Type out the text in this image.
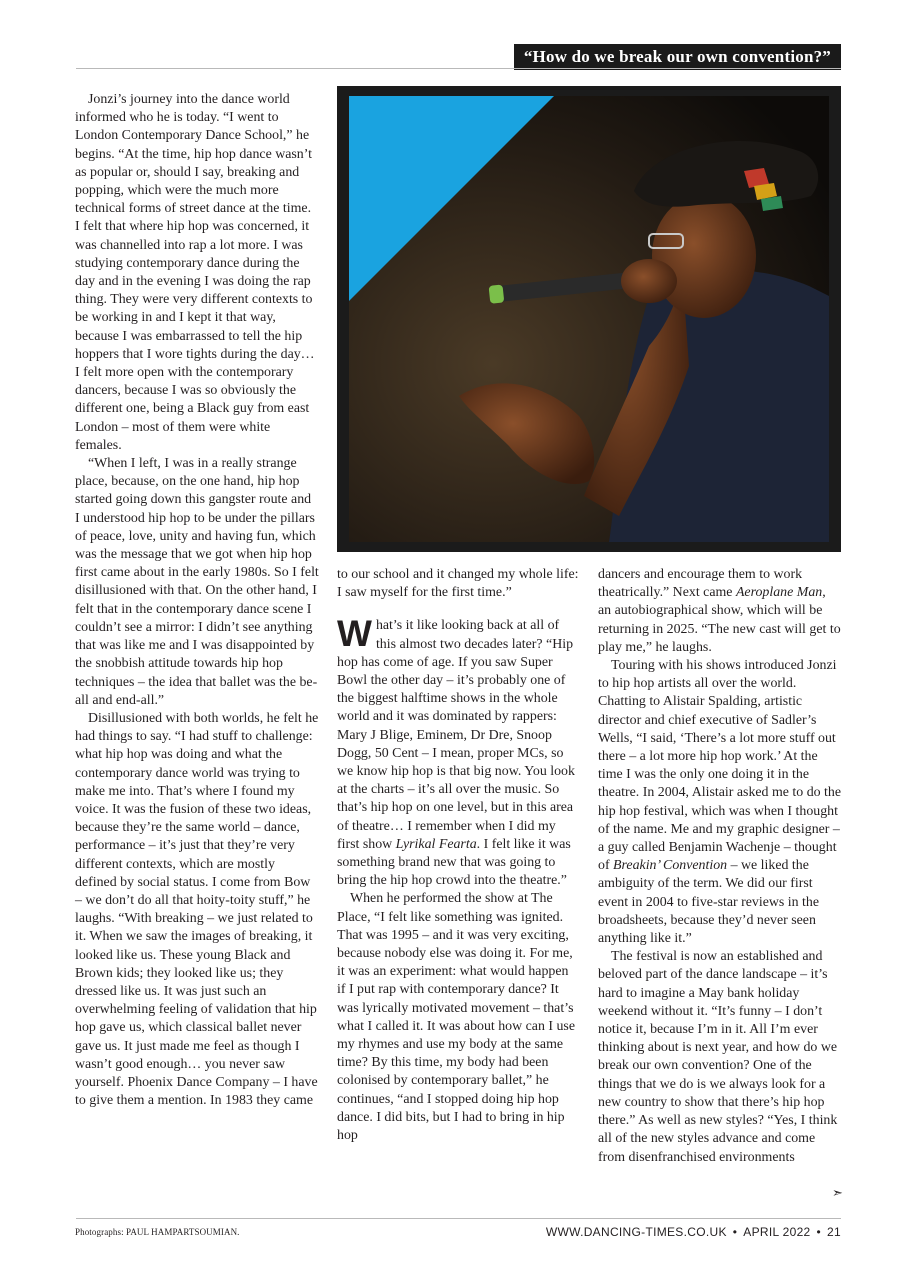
“How do we break our own convention?”

Jonzi’s journey into the dance world informed who he is today. “I went to London Contemporary Dance School,” he begins. “At the time, hip hop dance wasn’t as popular or, should I say, breaking and popping, which were the much more technical forms of street dance at the time. I felt that where hip hop was concerned, it was channelled into rap a lot more. I was studying contemporary dance during the day and in the evening I was doing the rap thing. They were very different contexts to be working in and I kept it that way, because I was embarrassed to tell the hip hoppers that I wore tights during the day… I felt more open with the contemporary dancers, because I was so obviously the different one, being a Black guy from east London – most of them were white females.

“When I left, I was in a really strange place, because, on the one hand, hip hop started going down this gangster route and I understood hip hop to be under the pillars of peace, love, unity and having fun, which was the message that we got when hip hop first came about in the early 1980s. So I felt disillusioned with that. On the other hand, I felt that in the contemporary dance scene I couldn’t see a mirror: I didn’t see anything that was like me and I was disappointed by the snobbish attitude towards hip hop techniques – the idea that ballet was the be-all and end-all.”

Disillusioned with both worlds, he felt he had things to say. “I had stuff to challenge: what hip hop was doing and what the contemporary dance world was trying to make me into. That’s where I found my voice. It was the fusion of these two ideas, because they’re the same world – dance, performance – it’s just that they’re very different contexts, which are mostly defined by social status. I come from Bow – we don’t do all that hoity-toity stuff,” he laughs. “With breaking – we just related to it. When we saw the images of breaking, it looked like us. These young Black and Brown kids; they looked like us; they dressed like us. It was just such an overwhelming feeling of validation that hip hop gave us, which classical ballet never gave us. It just made me feel as though I wasn’t good enough… you never saw yourself. Phoenix Dance Company – I have to give them a mention. In 1983 they came

to our school and it changed my whole life: I saw myself for the first time.”

What’s it like looking back at all of this almost two decades later? “Hip hop has come of age. If you saw Super Bowl the other day – it’s probably one of the biggest halftime shows in the whole world and it was dominated by rappers: Mary J Blige, Eminem, Dr Dre, Snoop Dogg, 50 Cent – I mean, proper MCs, so we know hip hop is that big now. You look at the charts – it’s all over the music. So that’s hip hop on one level, but in this area of theatre… I remember when I did my first show Lyrikal Fearta. I felt like it was something brand new that was going to bring the hip hop crowd into the theatre.”

When he performed the show at The Place, “I felt like something was ignited. That was 1995 – and it was very exciting, because nobody else was doing it. For me, it was an experiment: what would happen if I put rap with contemporary dance? It was lyrically motivated movement – that’s what I called it. It was about how can I use my rhymes and use my body at the same time? By this time, my body had been colonised by contemporary ballet,” he continues, “and I stopped doing hip hop dance. I did bits, but I had to bring in hip hop

dancers and encourage them to work theatrically.” Next came Aeroplane Man, an autobiographical show, which will be returning in 2025. “The new cast will get to play me,” he laughs.

Touring with his shows introduced Jonzi to hip hop artists all over the world. Chatting to Alistair Spalding, artistic director and chief executive of Sadler’s Wells, “I said, ‘There’s a lot more stuff out there – a lot more hip hop work.’ At the time I was the only one doing it in the theatre. In 2004, Alistair asked me to do the hip hop festival, which was when I thought of the name. Me and my graphic designer – a guy called Benjamin Wachenje – thought of Breakin’ Convention – we liked the ambiguity of the term. We did our first event in 2004 to five-star reviews in the broadsheets, because they’d never seen anything like it.”

The festival is now an established and beloved part of the dance landscape – it’s hard to imagine a May bank holiday weekend without it. “It’s funny – I don’t notice it, because I’m in it. All I’m ever thinking about is next year, and how do we break our own convention? One of the things that we do is we always look for a new country to show that there’s hip hop there.” As well as new styles? “Yes, I think all of the new styles advance and come from disenfranchised environments

➣
Photographs: PAUL HAMPARTSOUMIAN.	WWW.DANCING-TIMES.CO.UK • APRIL 2022 • 21
